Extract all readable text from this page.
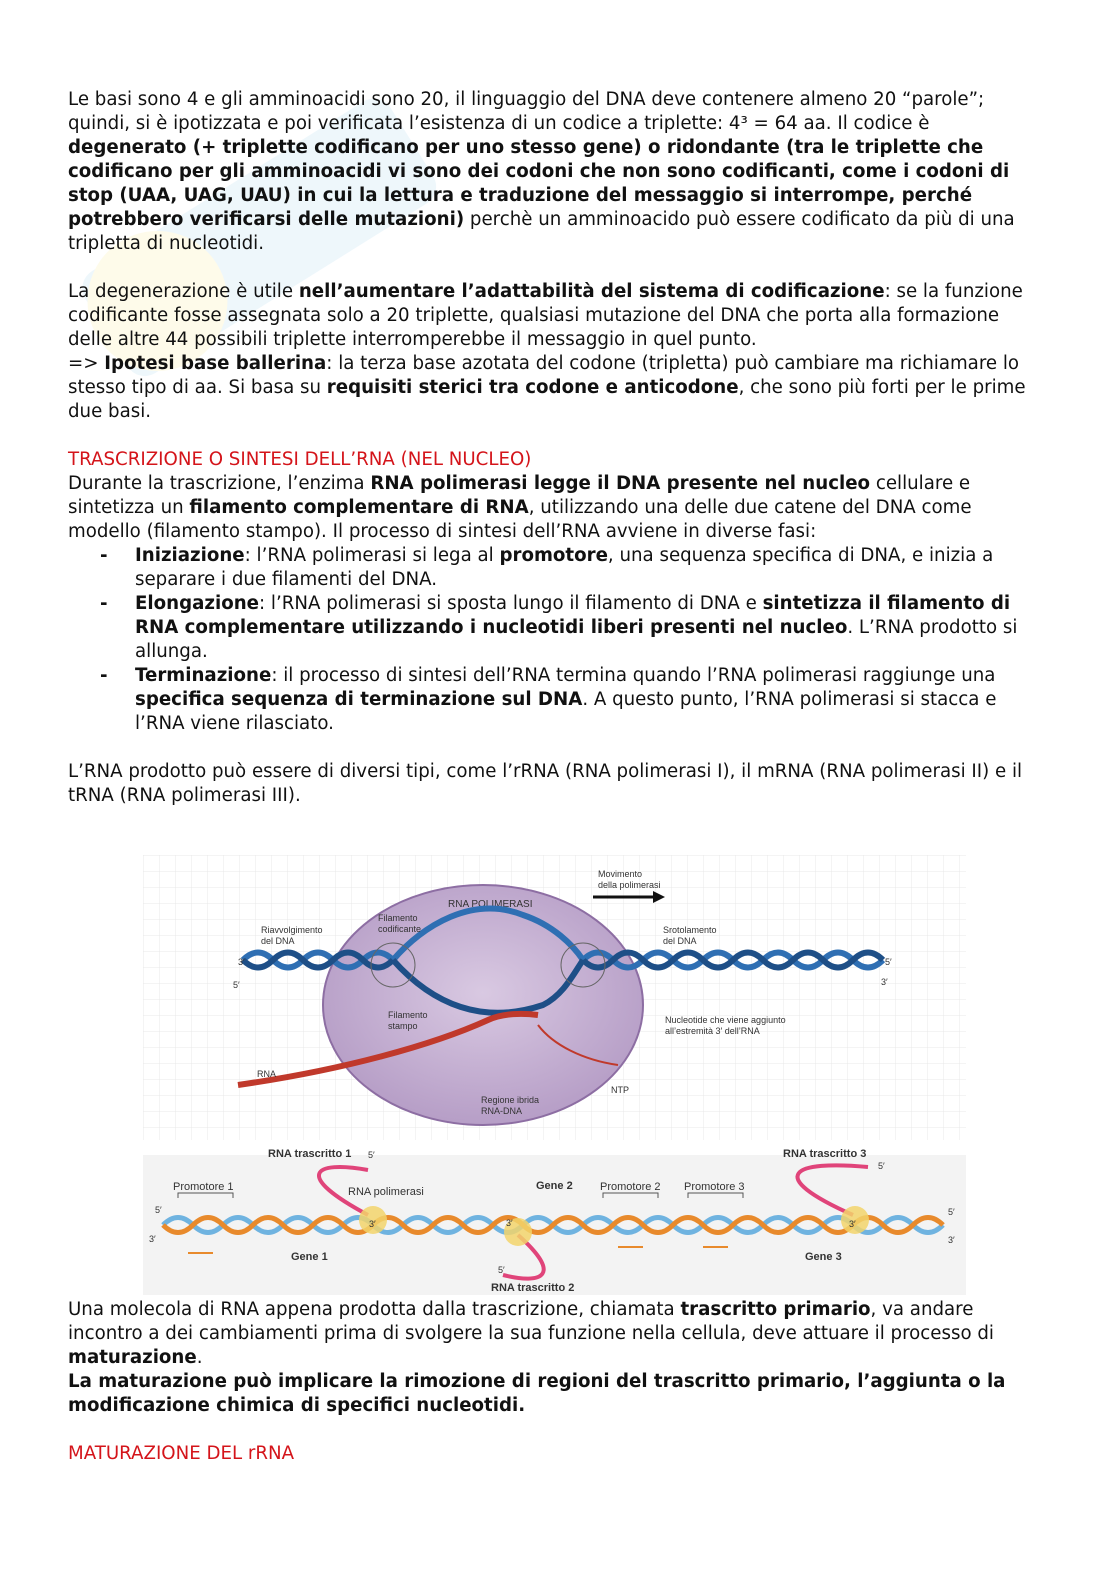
Le basi sono 4 e gli amminoacidi sono 20, il linguaggio del DNA deve contenere almeno 20 “parole”; quindi, si è ipotizzata e poi verificata l’esistenza di un codice a triplette: 4³ = 64 aa. Il codice è degenerato (+ triplette codificano per uno stesso gene) o ridondante (tra le triplette che codificano per gli amminoacidi vi sono dei codoni che non sono codificanti, come i codoni di stop (UAA, UAG, UAU) in cui la lettura e traduzione del messaggio si interrompe, perché potrebbero verificarsi delle mutazioni) perchè un amminoacido può essere codificato da più di una tripletta di nucleotidi.

La degenerazione è utile nell’aumentare l’adattabilità del sistema di codificazione: se la funzione codificante fosse assegnata solo a 20 triplette, qualsiasi mutazione del DNA che porta alla formazione delle altre 44 possibili triplette interromperebbe il messaggio in quel punto.

=> Ipotesi base ballerina: la terza base azotata del codone (tripletta) può cambiare ma richiamare lo stesso tipo di aa. Si basa su requisiti sterici tra codone e anticodone, che sono più forti per le prime due basi.

TRASCRIZIONE O SINTESI DELL’RNA (NEL NUCLEO)

Durante la trascrizione, l’enzima RNA polimerasi legge il DNA presente nel nucleo cellulare e sintetizza un filamento complementare di RNA, utilizzando una delle due catene del DNA come modello (filamento stampo). Il processo di sintesi dell’RNA avviene in diverse fasi:

- Iniziazione: l’RNA polimerasi si lega al promotore, una sequenza specifica di DNA, e inizia a separare i due filamenti del DNA.
- Elongazione: l’RNA polimerasi si sposta lungo il filamento di DNA e sintetizza il filamento di RNA complementare utilizzando i nucleotidi liberi presenti nel nucleo. L’RNA prodotto si allunga.
- Terminazione: il processo di sintesi dell’RNA termina quando l’RNA polimerasi raggiunge una specifica sequenza di terminazione sul DNA. A questo punto, l’RNA polimerasi si stacca e l’RNA viene rilasciato.

L’RNA prodotto può essere di diversi tipi, come l’rRNA (RNA polimerasi I), il mRNA (RNA polimerasi II) e il tRNA (RNA polimerasi III).

RNA POLIMERASI
Movimento della polimerasi
Filamento codificante
Riavvolgimento del DNA
Srotolamento del DNA
Filamento stampo
Nucleotide che viene aggiunto all’estremità 3′ dell’RNA
RNA
Regione ibrida RNA-DNA
NTP
3′
5′
5′
3′
RNA trascritto 1
RNA trascritto 2
RNA trascritto 3
Promotore 1	Promotore 2 Promotore 3
RNA polimerasi
Gene 1
Gene 2
Gene 3
5′
3′
5′
3′	3′
5′
5′
3′
5′
3′

Una molecola di RNA appena prodotta dalla trascrizione, chiamata trascritto primario, va andare incontro a dei cambiamenti prima di svolgere la sua funzione nella cellula, deve attuare il processo di maturazione.

La maturazione può implicare la rimozione di regioni del trascritto primario, l’aggiunta o la modificazione chimica di specifici nucleotidi.

MATURAZIONE DEL rRNA
